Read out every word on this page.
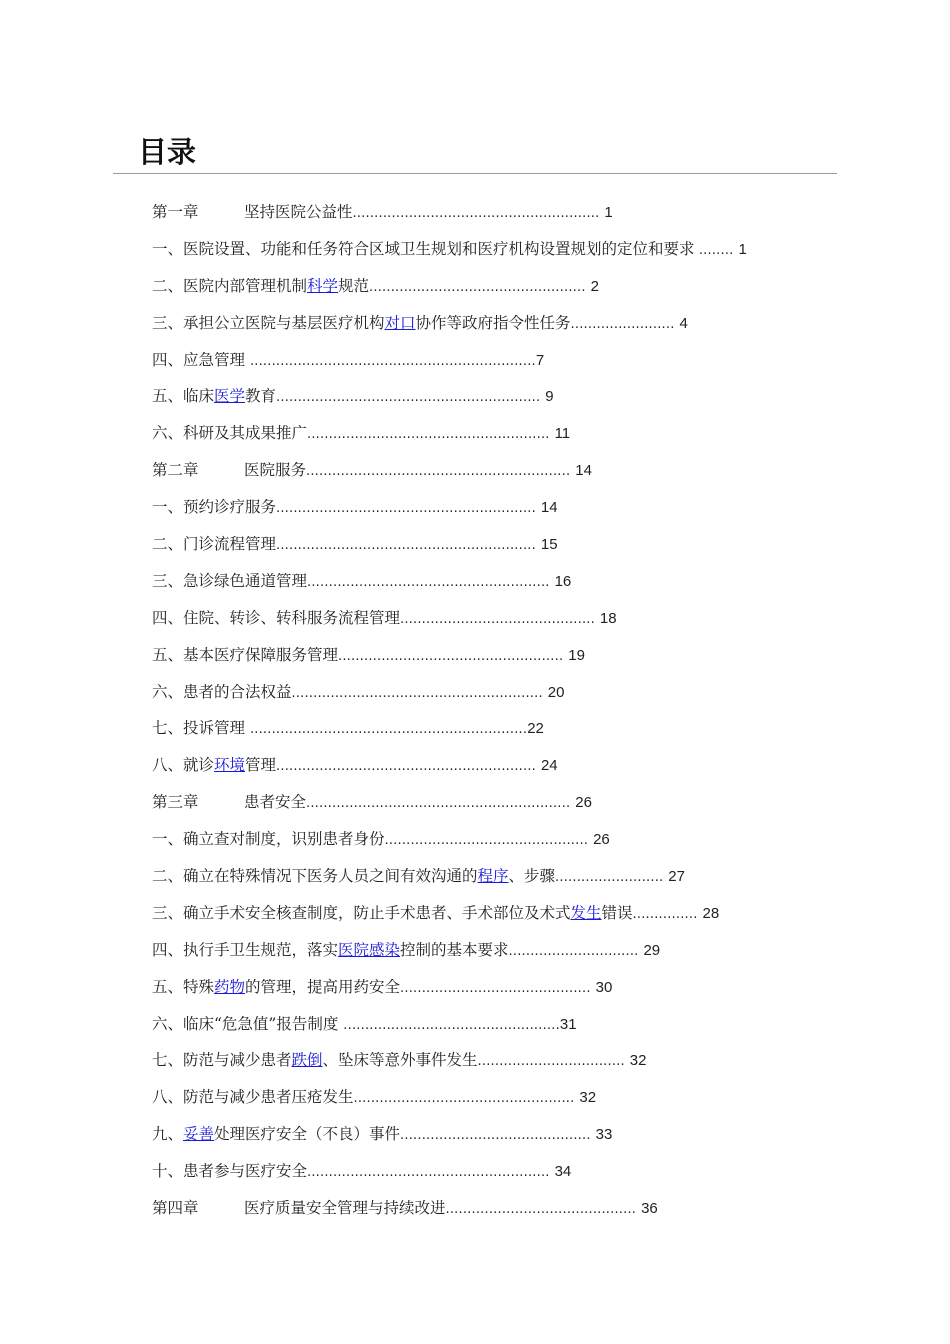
目录
第一章	坚持医院公益性......................................................... 1
一、医院设置、功能和任务符合区域卫生规划和医疗机构设置规划的定位和要求 ........ 1
二、医院内部管理机制科学规范.................................................. 2
三、承担公立医院与基层医疗机构对口协作等政府指令性任务........................ 4
四、应急管理 ..................................................................7
五、临床医学教育............................................................. 9
六、科研及其成果推广........................................................ 11
第二章	医院服务............................................................. 14
一、预约诊疗服务............................................................ 14
二、门诊流程管理............................................................ 15
三、急诊绿色通道管理........................................................ 16
四、住院、转诊、转科服务流程管理............................................. 18
五、基本医疗保障服务管理.................................................... 19
六、患者的合法权益.......................................................... 20
七、投诉管理 ................................................................22
八、就诊环境管理............................................................ 24
第三章	患者安全............................................................. 26
一、确立查对制度，识别患者身份............................................... 26
二、确立在特殊情况下医务人员之间有效沟通的程序、步骤......................... 27
三、确立手术安全核查制度，防止手术患者、手术部位及术式发生错误............... 28
四、执行手卫生规范，落实医院感染控制的基本要求.............................. 29
五、特殊药物的管理，提高用药安全............................................ 30
六、临床“危急值”报告制度 ..................................................31
七、防范与减少患者跌倒、坠床等意外事件发生.................................. 32
八、防范与减少患者压疮发生................................................... 32
九、妥善处理医疗安全（不良）事件............................................ 33
十、患者参与医疗安全........................................................ 34
第四章	医疗质量安全管理与持续改进............................................ 36
